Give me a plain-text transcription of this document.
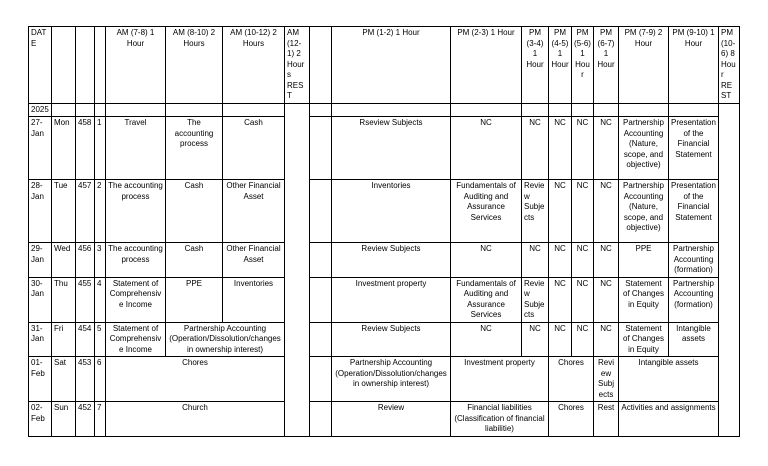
DATE				AM (7-8) 1 Hour	AM (8-10) 2 Hours	AM (10-12) 2 Hours	AM (12-1) 2 Hours REST		PM (1-2) 1 Hour	PM (2-3) 1 Hour	PM (3-4) 1 Hour	PM (4-5) 1 Hour	PM (5-6) 1 Hour	PM (6-7) 1 Hour	PM (7-9) 2 Hour	PM (9-10) 1 Hour	PM (10-6) 8 Hour REST
2025																	
27-Jan	Mon	458	1	Travel	The accounting process	Cash			Rseview Subjects	NC	NC	NC	NC	NC	Partnership Accounting (Nature, scope, and objective)	Presentation of the Financial Statement	
28-Jan	Tue	457	2	The accounting process	Cash	Other Financial Asset			Inventories	Fundamentals of Auditing and Assurance Services	Review Subjects	NC	NC	NC	Partnership Accounting (Nature, scope, and objective)	Presentation of the Financial Statement	
29-Jan	Wed	456	3	The accounting process	Cash	Other Financial Asset			Review Subjects	NC	NC	NC	NC	NC	PPE	Partnership Accounting (formation)	
30-Jan	Thu	455	4	Statement of Comprehensive Income	PPE	Inventories			Investment property	Fundamentals of Auditing and Assurance Services	Review Subjects	NC	NC	NC	Statement of Changes in Equity	Partnership Accounting (formation)	
31-Jan	Fri	454	5	Statement of Comprehensive Income	Partnership Accounting (Operation/Dissolution/changes in ownership interest)				Review Subjects	NC	NC	NC	NC	NC	Statement of Changes in Equity	Intangible assets	
01-Feb	Sat	453	6	Chores					Partnership Accounting (Operation/Dissolution/changes in ownership interest)	Investment property		Chores		Review Subjects	Intangible assets		
02-Feb	Sun	452	7	Church					Review	Financial liabilities (Classification of financial liabilitie)		Chores		Rest	Activities and assignments		
